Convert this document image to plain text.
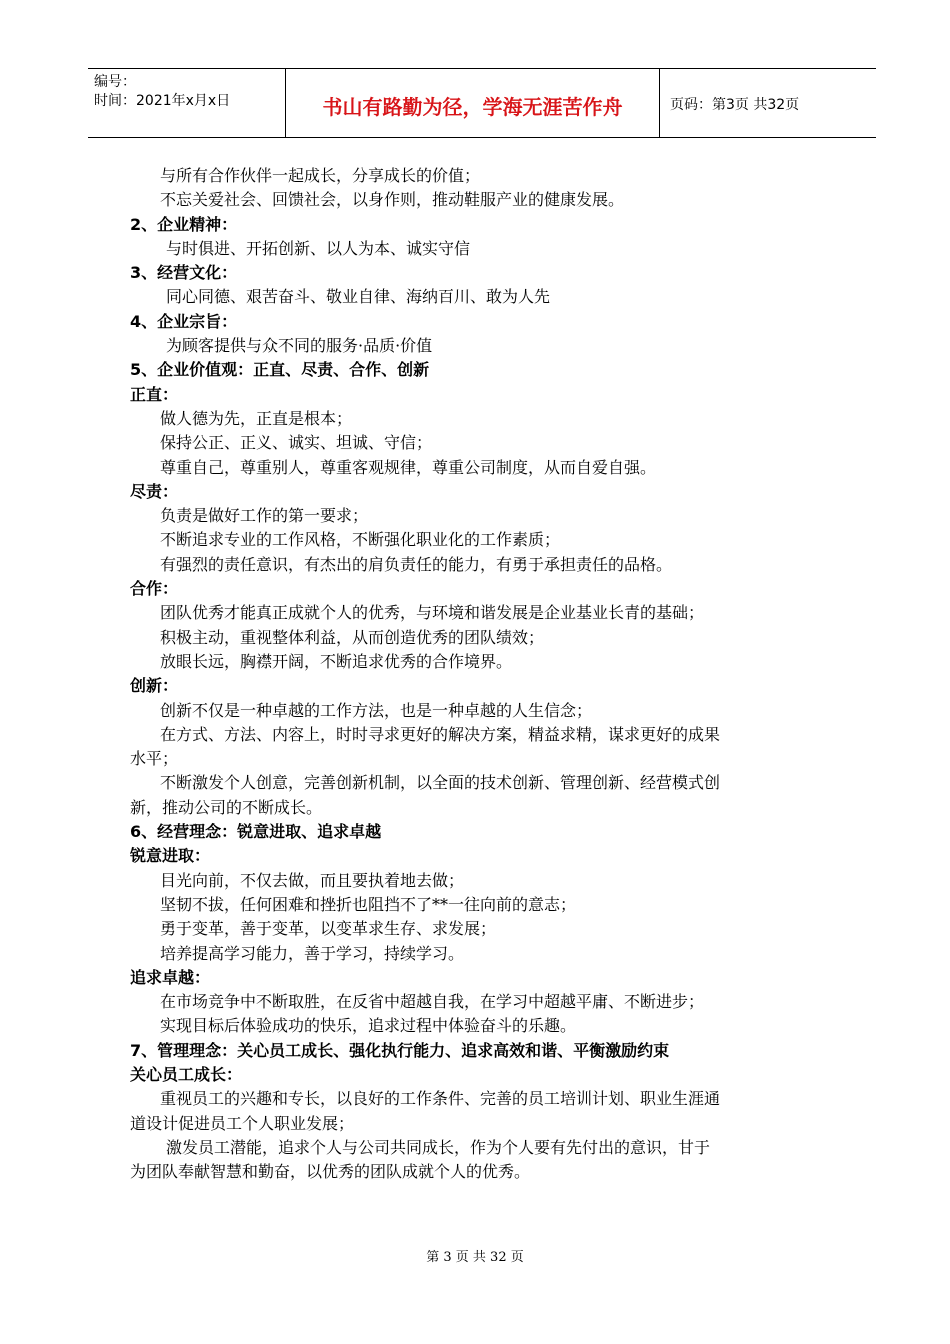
编号：
时间：2021年x月x日	书山有路勤为径，学海无涯苦作舟	页码：第3页 共32页
与所有合作伙伴一起成长，分享成长的价值；
不忘关爱社会、回馈社会，以身作则，推动鞋服产业的健康发展。
2、企业精神：
与时俱进、开拓创新、以人为本、诚实守信
3、经营文化：
同心同德、艰苦奋斗、敬业自律、海纳百川、敢为人先
4、企业宗旨：
为顾客提供与众不同的服务·品质·价值
5、企业价值观：正直、尽责、合作、创新
正直：
做人德为先，正直是根本；
保持公正、正义、诚实、坦诚、守信；
尊重自己，尊重别人，尊重客观规律，尊重公司制度，从而自爱自强。
尽责：
负责是做好工作的第一要求；
不断追求专业的工作风格，不断强化职业化的工作素质；
有强烈的责任意识，有杰出的肩负责任的能力，有勇于承担责任的品格。
合作：
团队优秀才能真正成就个人的优秀，与环境和谐发展是企业基业长青的基础；
积极主动，重视整体利益，从而创造优秀的团队绩效；
放眼长远，胸襟开阔，不断追求优秀的合作境界。
创新：
创新不仅是一种卓越的工作方法，也是一种卓越的人生信念；
在方式、方法、内容上，时时寻求更好的解决方案，精益求精，谋求更好的成果
水平；
不断激发个人创意，完善创新机制，以全面的技术创新、管理创新、经营模式创
新，推动公司的不断成长。
6、经营理念：锐意进取、追求卓越
锐意进取：
目光向前，不仅去做，而且要执着地去做；
坚韧不拔，任何困难和挫折也阻挡不了**一往向前的意志；
勇于变革，善于变革，以变革求生存、求发展；
培养提高学习能力，善于学习，持续学习。
追求卓越：
在市场竞争中不断取胜，在反省中超越自我，在学习中超越平庸、不断进步；
实现目标后体验成功的快乐，追求过程中体验奋斗的乐趣。
7、管理理念：关心员工成长、强化执行能力、追求高效和谐、平衡激励约束
关心员工成长：
重视员工的兴趣和专长，以良好的工作条件、完善的员工培训计划、职业生涯通
道设计促进员工个人职业发展；
激发员工潜能，追求个人与公司共同成长，作为个人要有先付出的意识，甘于
为团队奉献智慧和勤奋，以优秀的团队成就个人的优秀。
第 3 页 共 32 页
